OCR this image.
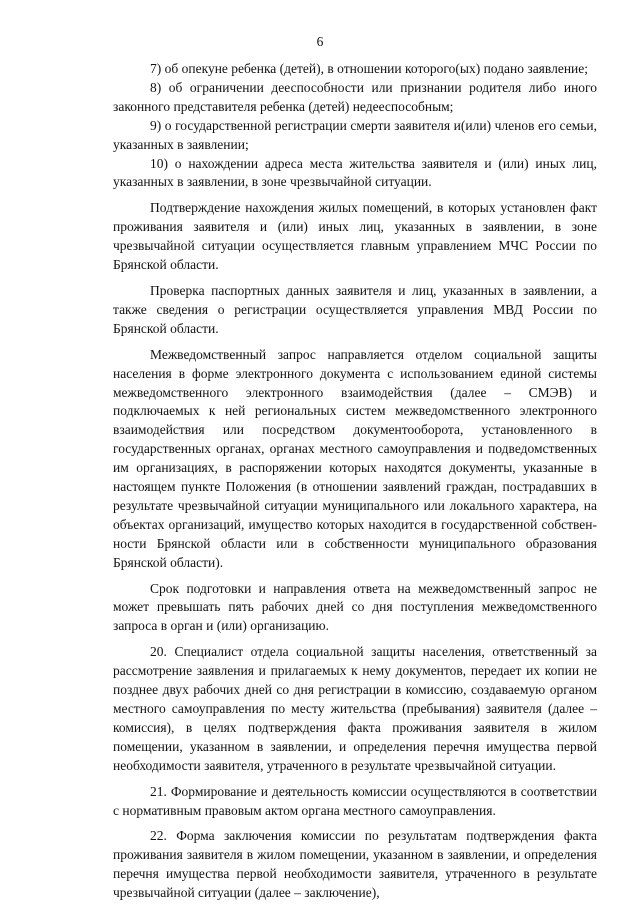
6

7) об опекуне ребенка (детей), в отношении которого(ых) подано заявление;

8) об ограничении дееспособности или признании родителя либо иного законного представителя ребенка (детей) недееспособным;

9) о государственной регистрации смерти заявителя и(или) членов его семьи, указанных в заявлении;

10) о нахождении адреса места жительства заявителя и (или) иных лиц, указанных в заявлении, в зоне чрезвычайной ситуации.

Подтверждение нахождения жилых помещений, в которых установлен факт проживания заявителя и (или) иных лиц, указанных в заявлении, в зоне чрезвычайной ситуации осуществляется главным управлением МЧС России по Брянской области.

Проверка паспортных данных заявителя и лиц, указанных в заявлении, а также сведения о регистрации осуществляется управления МВД России по Брянской области.

Межведомственный запрос направляется отделом социальной защиты населения в форме электронного документа с использованием единой системы межведомственного электронного взаимодействия (далее – СМЭВ) и подключаемых к ней региональных систем межведомственного электронного взаимодействия или посредством документооборота, установленного в государственных органах, органах местного самоуправления и подведомственных им организациях, в распоряжении которых находятся документы, указанные в настоящем пункте Положения (в отношении заявлений граждан, пострадавших в результате чрезвычайной ситуации муниципального или локального характера, на объектах организаций, имущество которых находится в государственной собственности Брянской области или в собственности муниципального образования Брянской области).

Срок подготовки и направления ответа на межведомственный запрос не может превышать пять рабочих дней со дня поступления межведомственного запроса в орган и (или) организацию.

20. Специалист отдела социальной защиты населения, ответственный за рассмотрение заявления и прилагаемых к нему документов, передает их копии не позднее двух рабочих дней со дня регистрации в комиссию, создаваемую органом местного самоуправления по месту жительства (пребывания) заявителя (далее – комиссия), в целях подтверждения факта проживания заявителя в жилом помещении, указанном в заявлении, и определения перечня имущества первой необходимости заявителя, утраченного в результате чрезвычайной ситуации.

21. Формирование и деятельность комиссии осуществляются в соответствии с нормативным правовым актом органа местного самоуправления.

22. Форма заключения комиссии по результатам подтверждения факта проживания заявителя в жилом помещении, указанном в заявлении, и определения перечня имущества первой необходимости заявителя, утраченного в результате чрезвычайной ситуации (далее – заключение),
